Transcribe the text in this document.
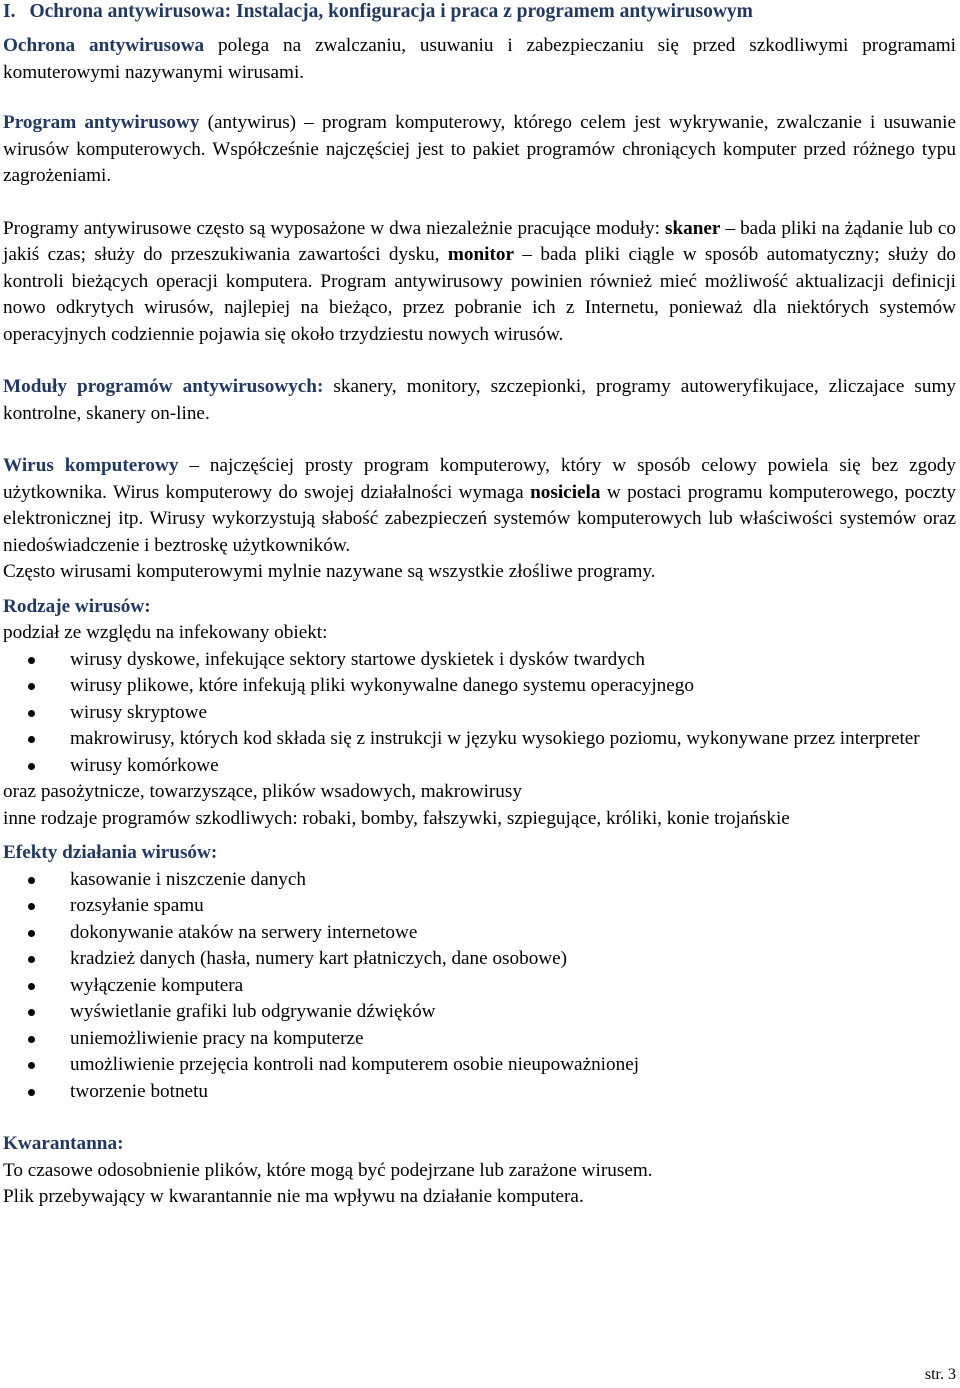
I. Ochrona antywirusowa: Instalacja, konfiguracja i praca z programem antywirusowym

Ochrona antywirusowa polega na zwalczaniu, usuwaniu i zabezpieczaniu się przed szkodliwymi programami komuterowymi nazywanymi wirusami.

Program antywirusowy (antywirus) – program komputerowy, którego celem jest wykrywanie, zwalczanie i usuwanie wirusów komputerowych. Współcześnie najczęściej jest to pakiet programów chroniących komputer przed różnego typu zagrożeniami.

Programy antywirusowe często są wyposażone w dwa niezależnie pracujące moduły: skaner – bada pliki na żądanie lub co jakiś czas; służy do przeszukiwania zawartości dysku, monitor – bada pliki ciągle w sposób automatyczny; służy do kontroli bieżących operacji komputera. Program antywirusowy powinien również mieć możliwość aktualizacji definicji nowo odkrytych wirusów, najlepiej na bieżąco, przez pobranie ich z Internetu, ponieważ dla niektórych systemów operacyjnych codziennie pojawia się około trzydziestu nowych wirusów.

Moduły programów antywirusowych: skanery, monitory, szczepionki, programy autoweryfikujace, zliczajace sumy kontrolne, skanery on-line.

Wirus komputerowy – najczęściej prosty program komputerowy, który w sposób celowy powiela się bez zgody użytkownika. Wirus komputerowy do swojej działalności wymaga nosiciela w postaci programu komputerowego, poczty elektronicznej itp. Wirusy wykorzystują słabość zabezpieczeń systemów komputerowych lub właściwości systemów oraz niedoświadczenie i beztroskę użytkowników.

Często wirusami komputerowymi mylnie nazywane są wszystkie złośliwe programy.

Rodzaje wirusów:

podział ze względu na infekowany obiekt:

wirusy dyskowe, infekujące sektory startowe dyskietek i dysków twardych
wirusy plikowe, które infekują pliki wykonywalne danego systemu operacyjnego
wirusy skryptowe
makrowirusy, których kod składa się z instrukcji w języku wysokiego poziomu, wykonywane przez interpreter
wirusy komórkowe

oraz pasożytnicze, towarzyszące, plików wsadowych, makrowirusy

inne rodzaje programów szkodliwych: robaki, bomby, fałszywki, szpiegujące, króliki, konie trojańskie

Efekty działania wirusów:

kasowanie i niszczenie danych
rozsyłanie spamu
dokonywanie ataków na serwery internetowe
kradzież danych (hasła, numery kart płatniczych, dane osobowe)
wyłączenie komputera
wyświetlanie grafiki lub odgrywanie dźwięków
uniemożliwienie pracy na komputerze
umożliwienie przejęcia kontroli nad komputerem osobie nieupoważnionej
tworzenie botnetu

Kwarantanna:

To czasowe odosobnienie plików, które mogą być podejrzane lub zarażone wirusem.

Plik przebywający w kwarantannie nie ma wpływu na działanie komputera.

str. 3
